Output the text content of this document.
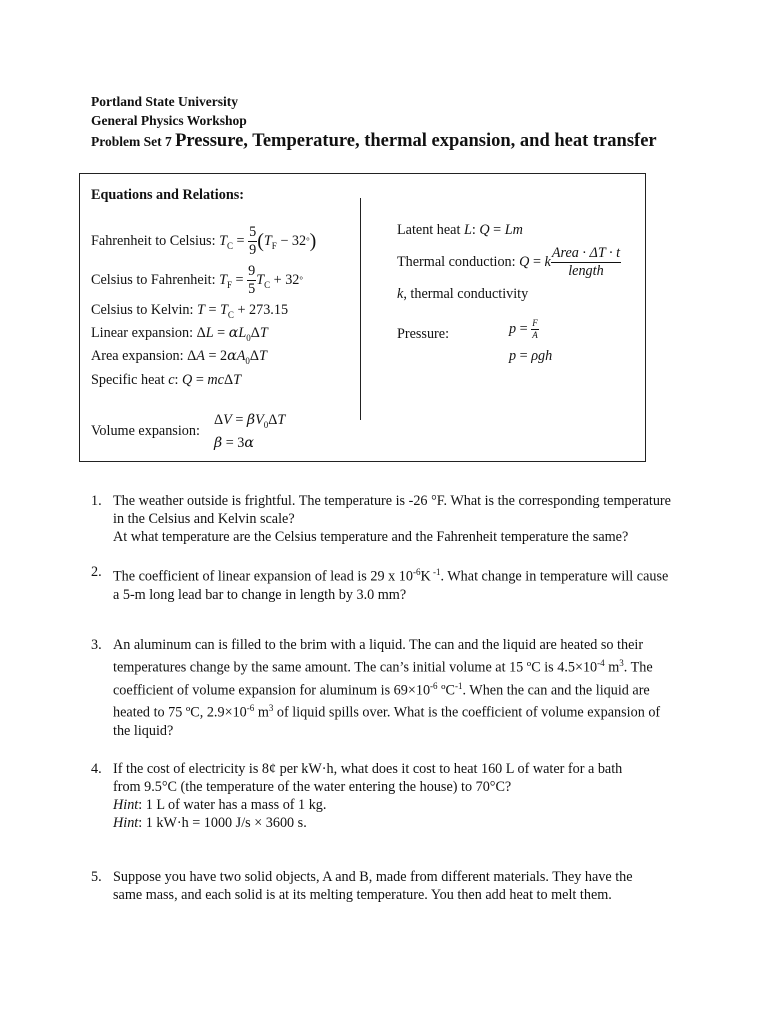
Portland State University
General Physics Workshop
Problem Set 7 Pressure, Temperature, thermal expansion, and heat transfer
Equations and Relations:
Fahrenheit to Celsius:
$T_C = \frac{5}{9}$ ( $T_F - 32^\circ$ )
Celsius to Fahrenheit:
$T_F = \frac{9}{5} T_C + 32^\circ$
Celsius to Kelvin: $T = T_C + 273.15$
Linear expansion: $\Delta L = \alpha L_0\Delta T$
Area expansion: $\Delta A = 2\alpha A_0\Delta T$
Specific heat c: Q = mcΔT
Volume expansion:
$\Delta V = \beta V_0\Delta T$
β = 3α
Latent heat L: Q = Lm
Thermal conduction:
Q = k $\frac{\text{Area · ΔT · t}}{\text{length}}$
k, thermal conductivity
Pressure:	$p = \frac{F}{A}$
p = ρgh
1. The weather outside is frightful. The temperature is -26 °F. What is the corresponding temperature in the Celsius and Kelvin scale?
At what temperature are the Celsius temperature and the Fahrenheit temperature the same?
2. The coefficient of linear expansion of lead is 29 x $10^{-6}K$ $^{-1}$. What change in temperature will cause a 5-m long lead bar to change in length by 3.0 mm?
3. An aluminum can is filled to the brim with a liquid. The can and the liquid are heated so their temperatures change by the same amount. The can’s initial volume at 15 ºC is $4.5\times 10^{-4}$ $m^3$. The coefficient of volume expansion for aluminum is $69\times 10^{-6}$ ºC$^{-1}$. When the can and the liquid are heated to 75 ºC, $2.9\times 10^{-6}$ $m^3$ of liquid spills over. What is the coefficient of volume expansion of the liquid?
4. If the cost of electricity is 8¢ per kW·h, what does it cost to heat 160 L of water for a bath
from 9.5°C (the temperature of the water entering the house) to 70°C?
Hint: 1 L of water has a mass of 1 kg.
Hint: 1 kW·h = 1000 J/s × 3600 s.
5. Suppose you have two solid objects, A and B, made from different materials. They have the
same mass, and each solid is at its melting temperature. You then add heat to melt them.
